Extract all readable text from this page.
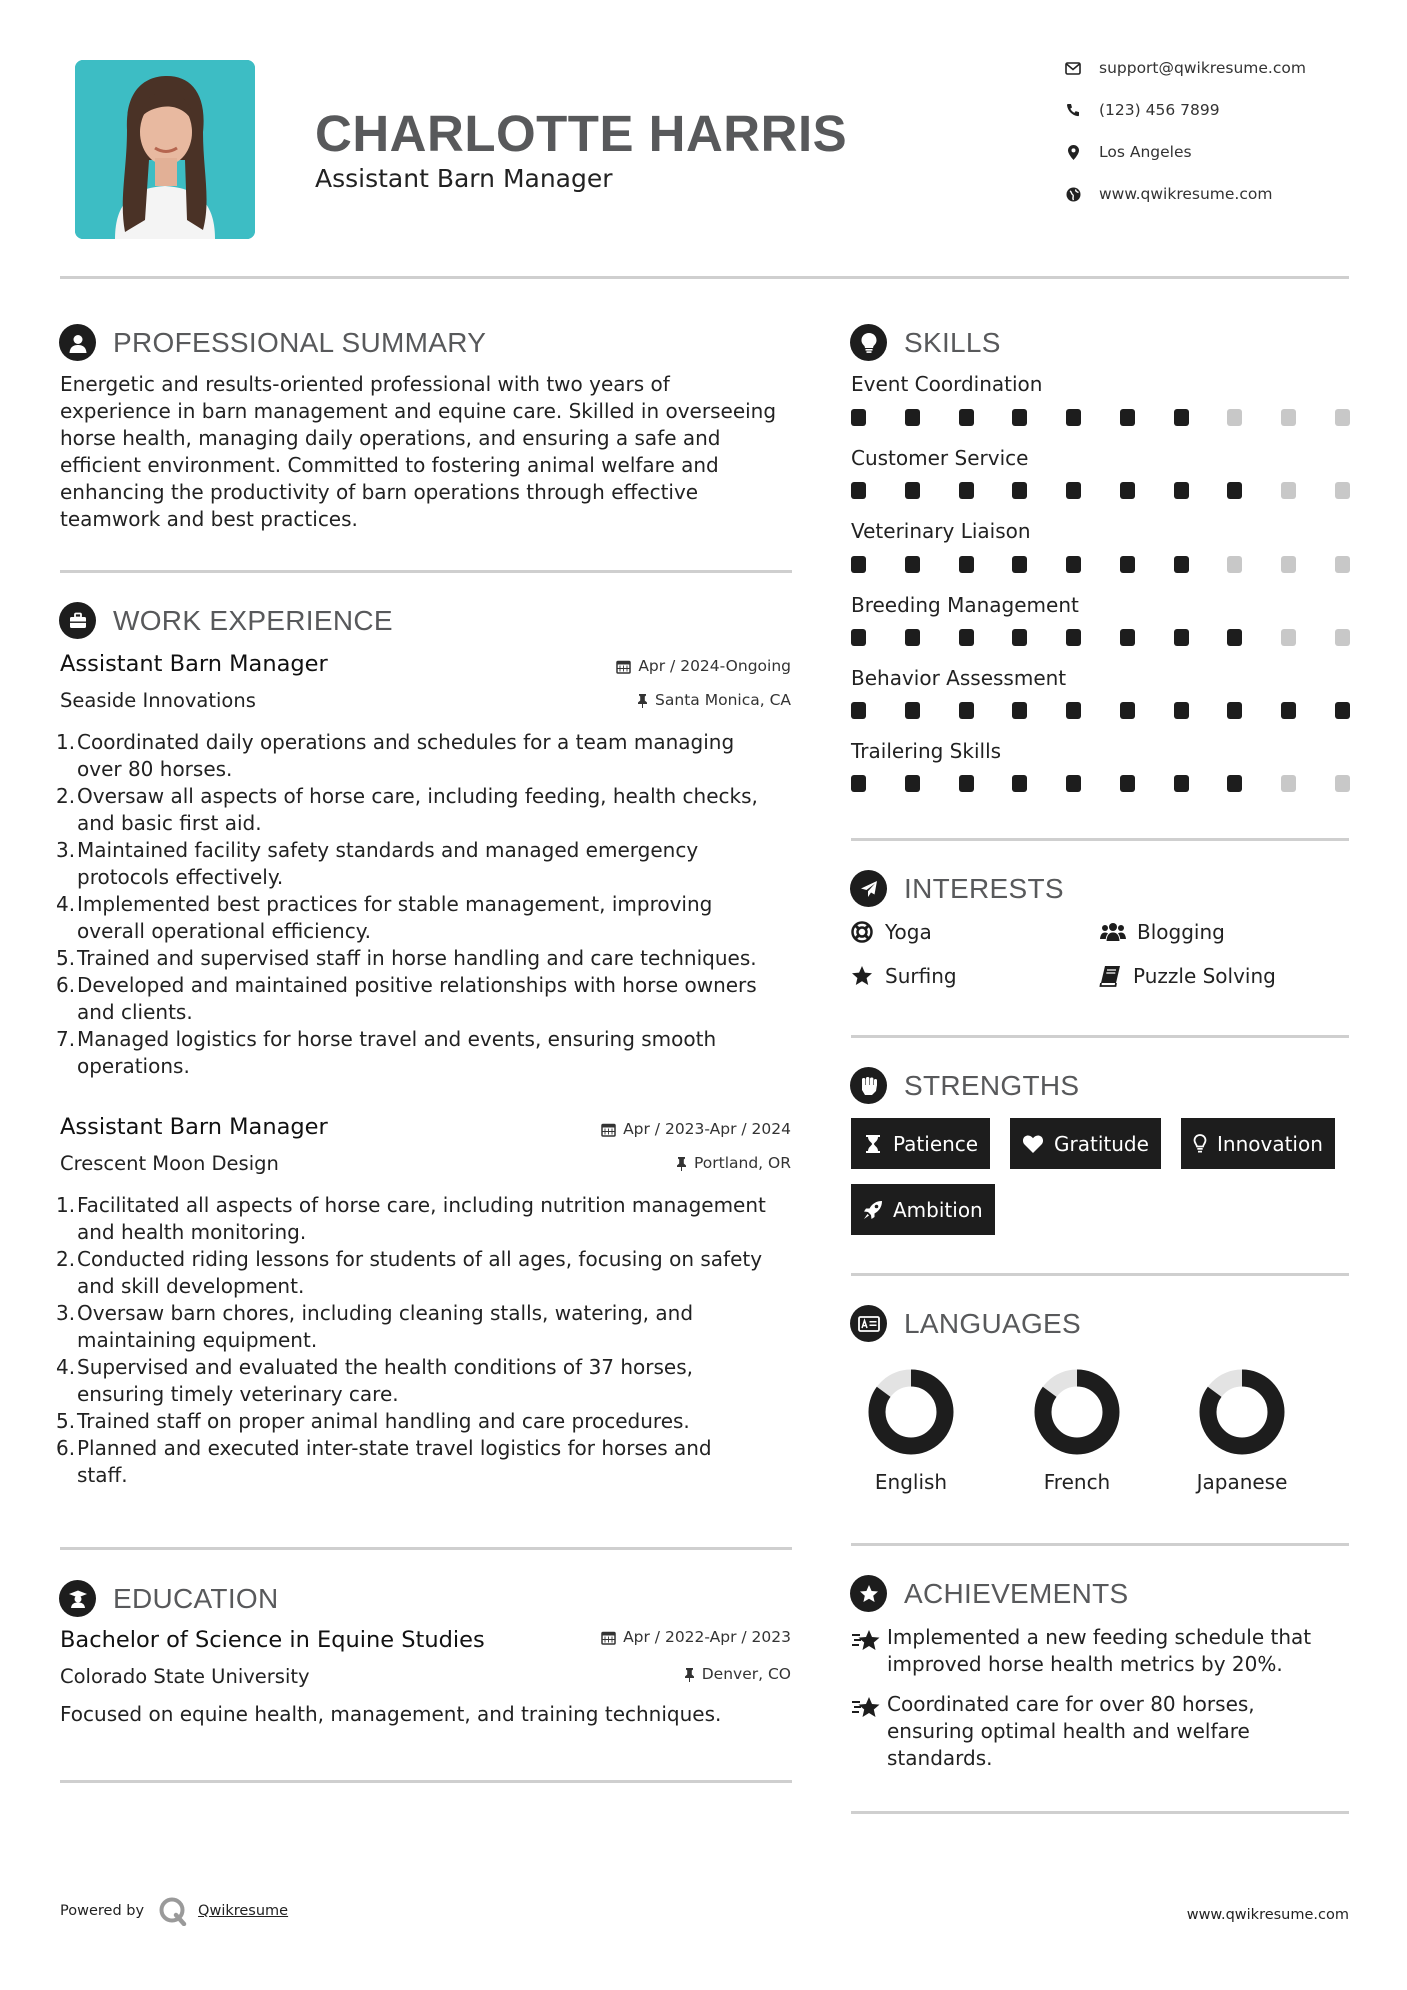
CHARLOTTE HARRIS
Assistant Barn Manager
support@qwikresume.com
(123) 456 7899
Los Angeles
www.qwikresume.com
PROFESSIONAL SUMMARY
Energetic and results-oriented professional with two years of
experience in barn management and equine care. Skilled in overseeing
horse health, managing daily operations, and ensuring a safe and
efficient environment. Committed to fostering animal welfare and
enhancing the productivity of barn operations through effective
teamwork and best practices.
WORK EXPERIENCE
Assistant Barn Manager
Seaside Innovations
Apr / 2024-Ongoing
Santa Monica, CA
1. Coordinated daily operations and schedules for a team managing
over 80 horses.
2. Oversaw all aspects of horse care, including feeding, health checks,
and basic first aid.
3. Maintained facility safety standards and managed emergency
protocols effectively.
4. Implemented best practices for stable management, improving
overall operational efficiency.
5. Trained and supervised staff in horse handling and care techniques.
6. Developed and maintained positive relationships with horse owners
and clients.
7. Managed logistics for horse travel and events, ensuring smooth
operations.
Assistant Barn Manager
Crescent Moon Design
Apr / 2023-Apr / 2024
Portland, OR
1. Facilitated all aspects of horse care, including nutrition management
and health monitoring.
2. Conducted riding lessons for students of all ages, focusing on safety
and skill development.
3. Oversaw barn chores, including cleaning stalls, watering, and
maintaining equipment.
4. Supervised and evaluated the health conditions of 37 horses,
ensuring timely veterinary care.
5. Trained staff on proper animal handling and care procedures.
6. Planned and executed inter-state travel logistics for horses and
staff.
EDUCATION
Bachelor of Science in Equine Studies
Colorado State University
Apr / 2022-Apr / 2023
Denver, CO
Focused on equine health, management, and training techniques.
SKILLS
Event Coordination
Customer Service
Veterinary Liaison
Breeding Management
Behavior Assessment
Trailering Skills
INTERESTS
Yoga	Blogging
Surfing	Puzzle Solving
STRENGTHS
Patience	Gratitude	Innovation
Ambition
LANGUAGES
English	French	Japanese
ACHIEVEMENTS
Implemented a new feeding schedule that
improved horse health metrics by 20%.
Coordinated care for over 80 horses,
ensuring optimal health and welfare
standards.
Powered by	Qwikresume	www.qwikresume.com
